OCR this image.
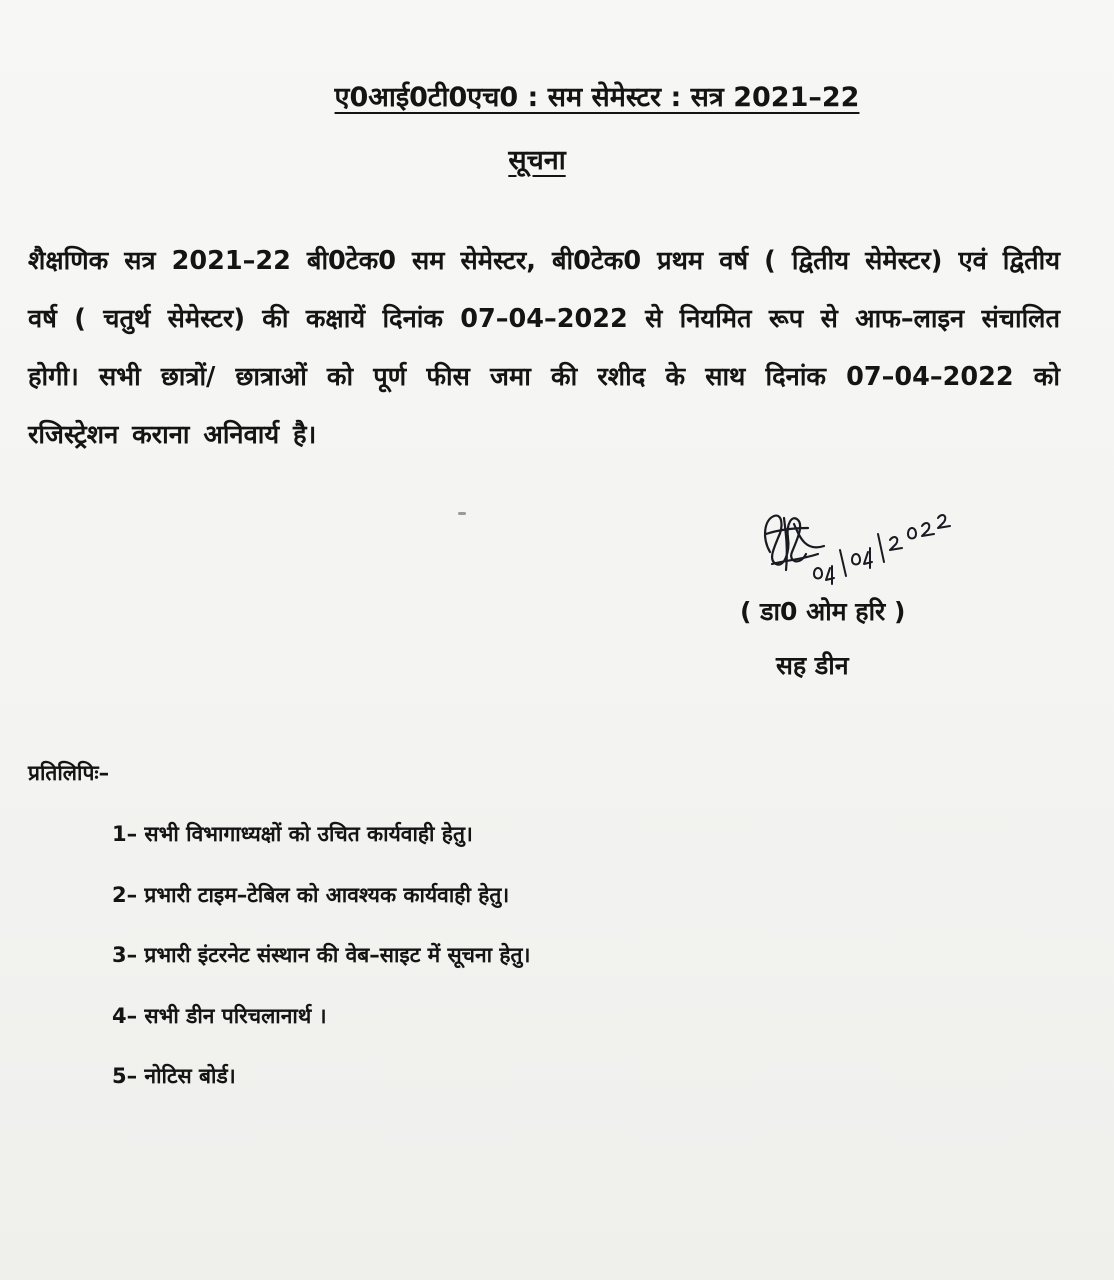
ए0आई0टी0एच0 : सम सेमेस्टर : सत्र 2021–22
सूचना

शैक्षणिक सत्र 2021–22 बी0टेक0 सम सेमेस्टर, बी0टेक0 प्रथम वर्ष ( द्वितीय सेमेस्टर) एवं द्वितीय वर्ष ( चतुर्थ सेमेस्टर) की कक्षायें दिनांक 07–04–2022 से नियमित रूप से आफ–लाइन संचालित होगी। सभी छात्रों/ छात्राओं को पूर्ण फीस जमा की रशीद के साथ दिनांक 07–04–2022 को रजिस्ट्रेशन कराना अनिवार्य है।

( डा0 ओम हरि )
सह डीन
प्रतिलिपिः–
1– सभी विभागाध्यक्षों को उचित कार्यवाही हेतु।
2– प्रभारी टाइम–टेबिल को आवश्यक कार्यवाही हेतु।
3– प्रभारी इंटरनेट संस्थान की वेब–साइट में सूचना हेतु।
4– सभी डीन परिचलानार्थ ।
5– नोटिस बोर्ड।
